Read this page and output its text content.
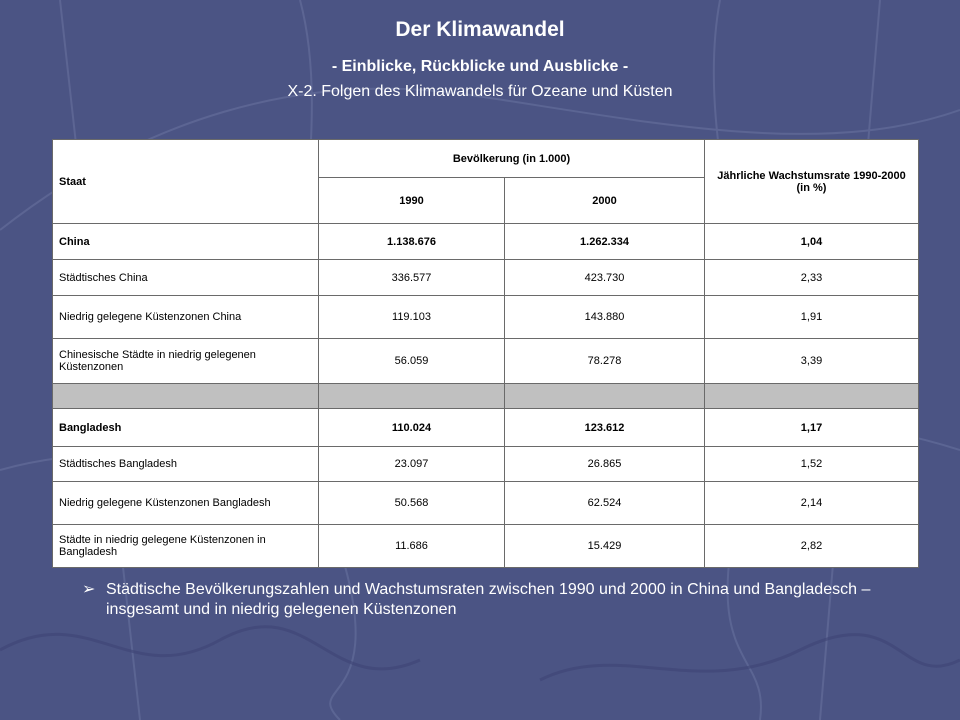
Der Klimawandel
- Einblicke, Rückblicke und Ausblicke -
X-2. Folgen des Klimawandels für Ozeane und Küsten
Staat	Bevölkerung (in 1.000)		Jährliche Wachstumsrate 1990-2000 (in %)
	1990	2000	
China	1.138.676	1.262.334	1,04
Städtisches China	336.577	423.730	2,33
Niedrig gelegene Küstenzonen China	119.103	143.880	1,91
Chinesische Städte in niedrig gelegenen Küstenzonen	56.059	78.278	3,39

Bangladesh	110.024	123.612	1,17
Städtisches Bangladesh	23.097	26.865	1,52
Niedrig gelegene Küstenzonen Bangladesh	50.568	62.524	2,14
Städte in niedrig gelegene Küstenzonen in Bangladesh	11.686	15.429	2,82
➢ Städtische Bevölkerungszahlen und Wachstumsraten zwischen 1990 und 2000 in China und Bangladesch – insgesamt und in niedrig gelegenen Küstenzonen
